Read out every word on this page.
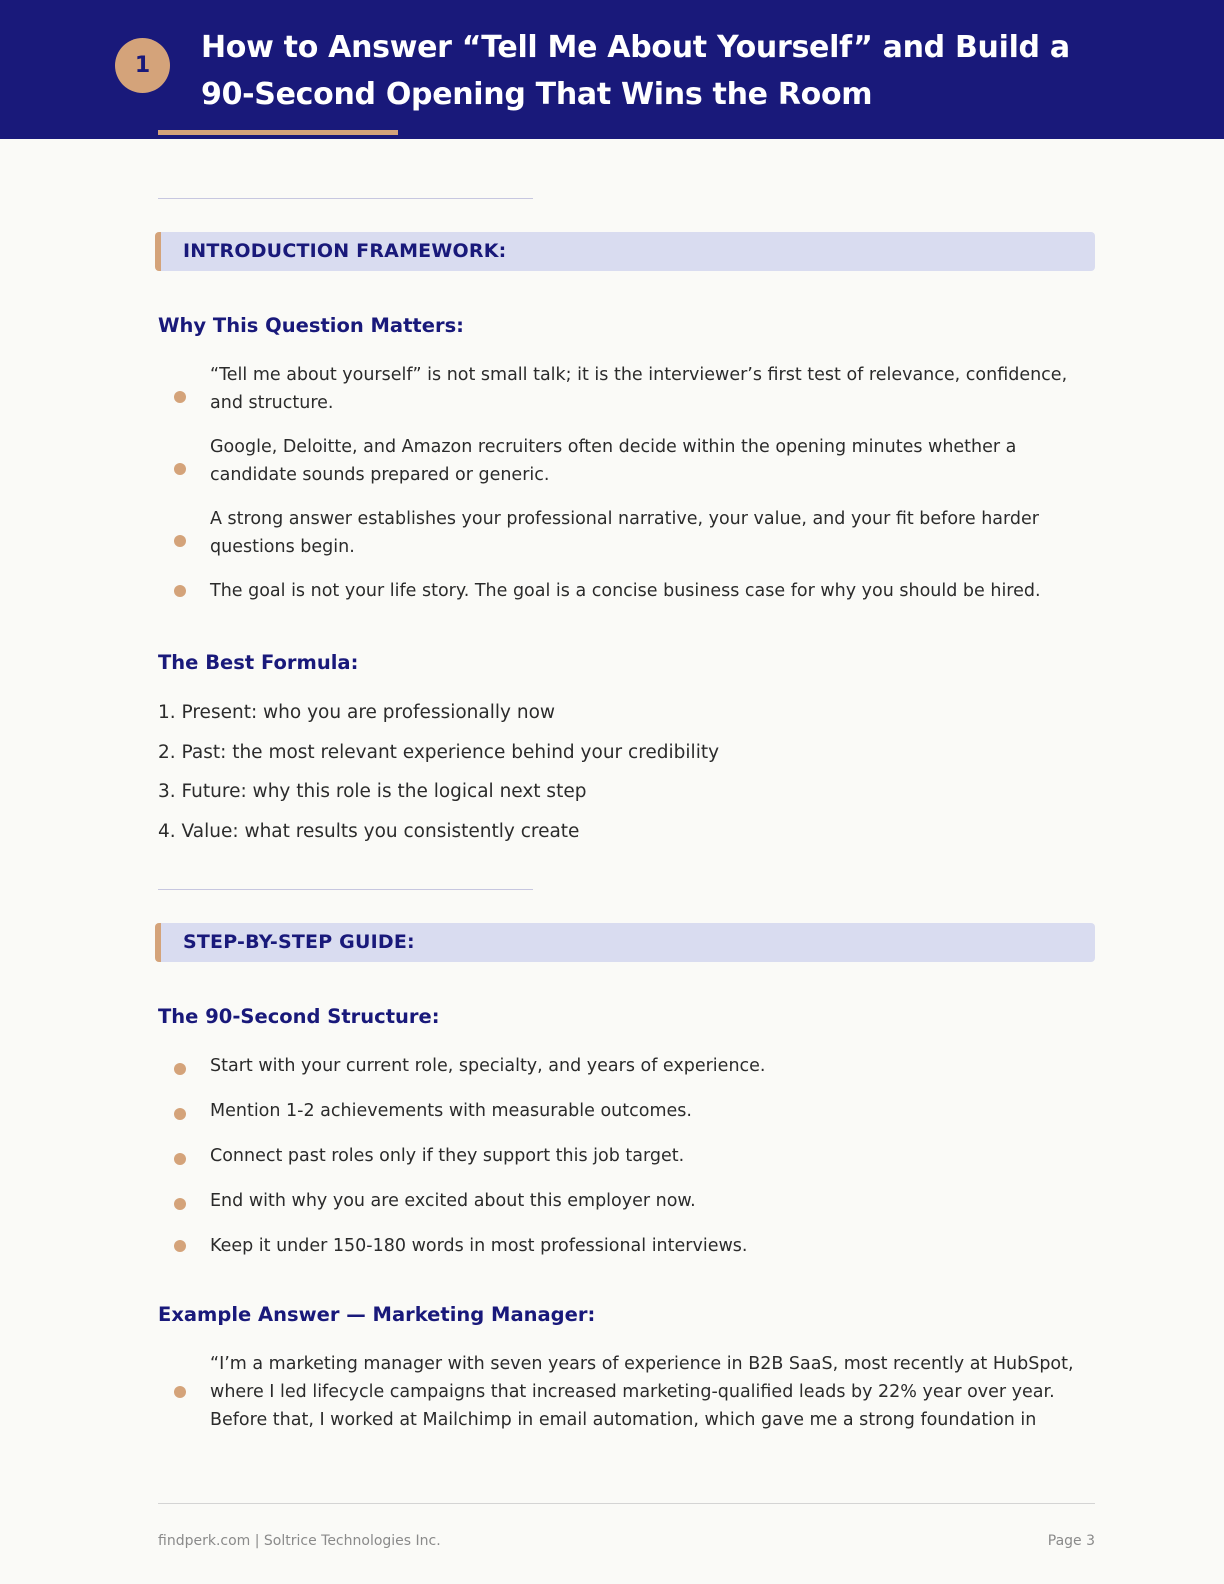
1
How to Answer “Tell Me About Yourself” and Build a 90-Second Opening That Wins the Room
INTRODUCTION FRAMEWORK:
Why This Question Matters:
“Tell me about yourself” is not small talk; it is the interviewer’s first test of relevance, confidence, and structure.
Google, Deloitte, and Amazon recruiters often decide within the opening minutes whether a candidate sounds prepared or generic.
A strong answer establishes your professional narrative, your value, and your fit before harder questions begin.
The goal is not your life story. The goal is a concise business case for why you should be hired.
The Best Formula:
1. Present: who you are professionally now
2. Past: the most relevant experience behind your credibility
3. Future: why this role is the logical next step
4. Value: what results you consistently create
STEP-BY-STEP GUIDE:
The 90-Second Structure:
Start with your current role, specialty, and years of experience.
Mention 1-2 achievements with measurable outcomes.
Connect past roles only if they support this job target.
End with why you are excited about this employer now.
Keep it under 150-180 words in most professional interviews.
Example Answer — Marketing Manager:
“I’m a marketing manager with seven years of experience in B2B SaaS, most recently at HubSpot, where I led lifecycle campaigns that increased marketing-qualified leads by 22% year over year. Before that, I worked at Mailchimp in email automation, which gave me a strong foundation in
findperk.com | Soltrice Technologies Inc.	Page 3
